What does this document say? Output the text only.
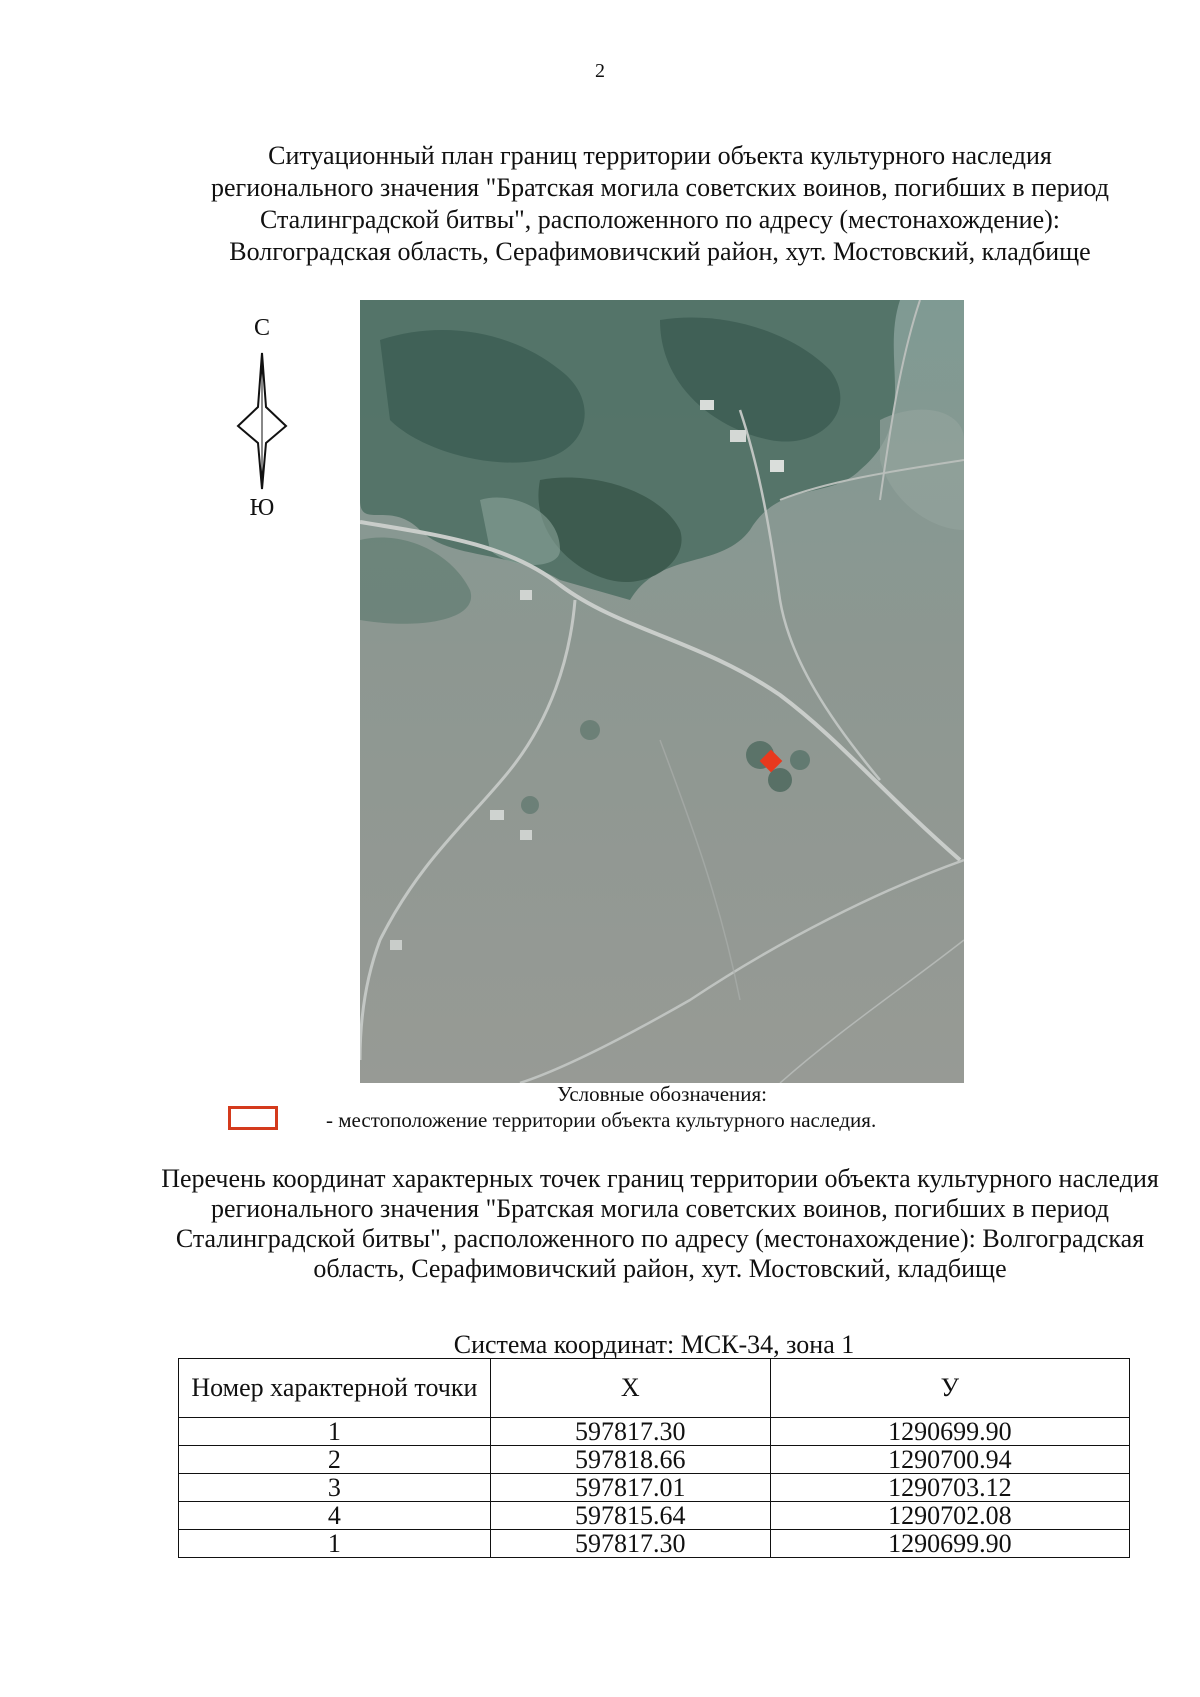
2
Ситуационный план границ территории объекта культурного наследия регионального значения "Братская могила советских воинов, погибших в период Сталинградской битвы", расположенного по адресу (местонахождение): Волгоградская область, Серафимовичский район, хут. Мостовский, кладбище
С
Ю
Условные обозначения:
- местоположение территории объекта культурного наследия.
Перечень координат характерных точек границ территории объекта культурного наследия регионального значения "Братская могила советских воинов, погибших в период Сталинградской битвы", расположенного по адресу (местонахождение): Волгоградская область, Серафимовичский район, хут. Мостовский, кладбище
Система координат: МСК-34, зона 1
Номер характерной точки	X	У
1	597817.30	1290699.90
2	597818.66	1290700.94
3	597817.01	1290703.12
4	597815.64	1290702.08
1	597817.30	1290699.90
